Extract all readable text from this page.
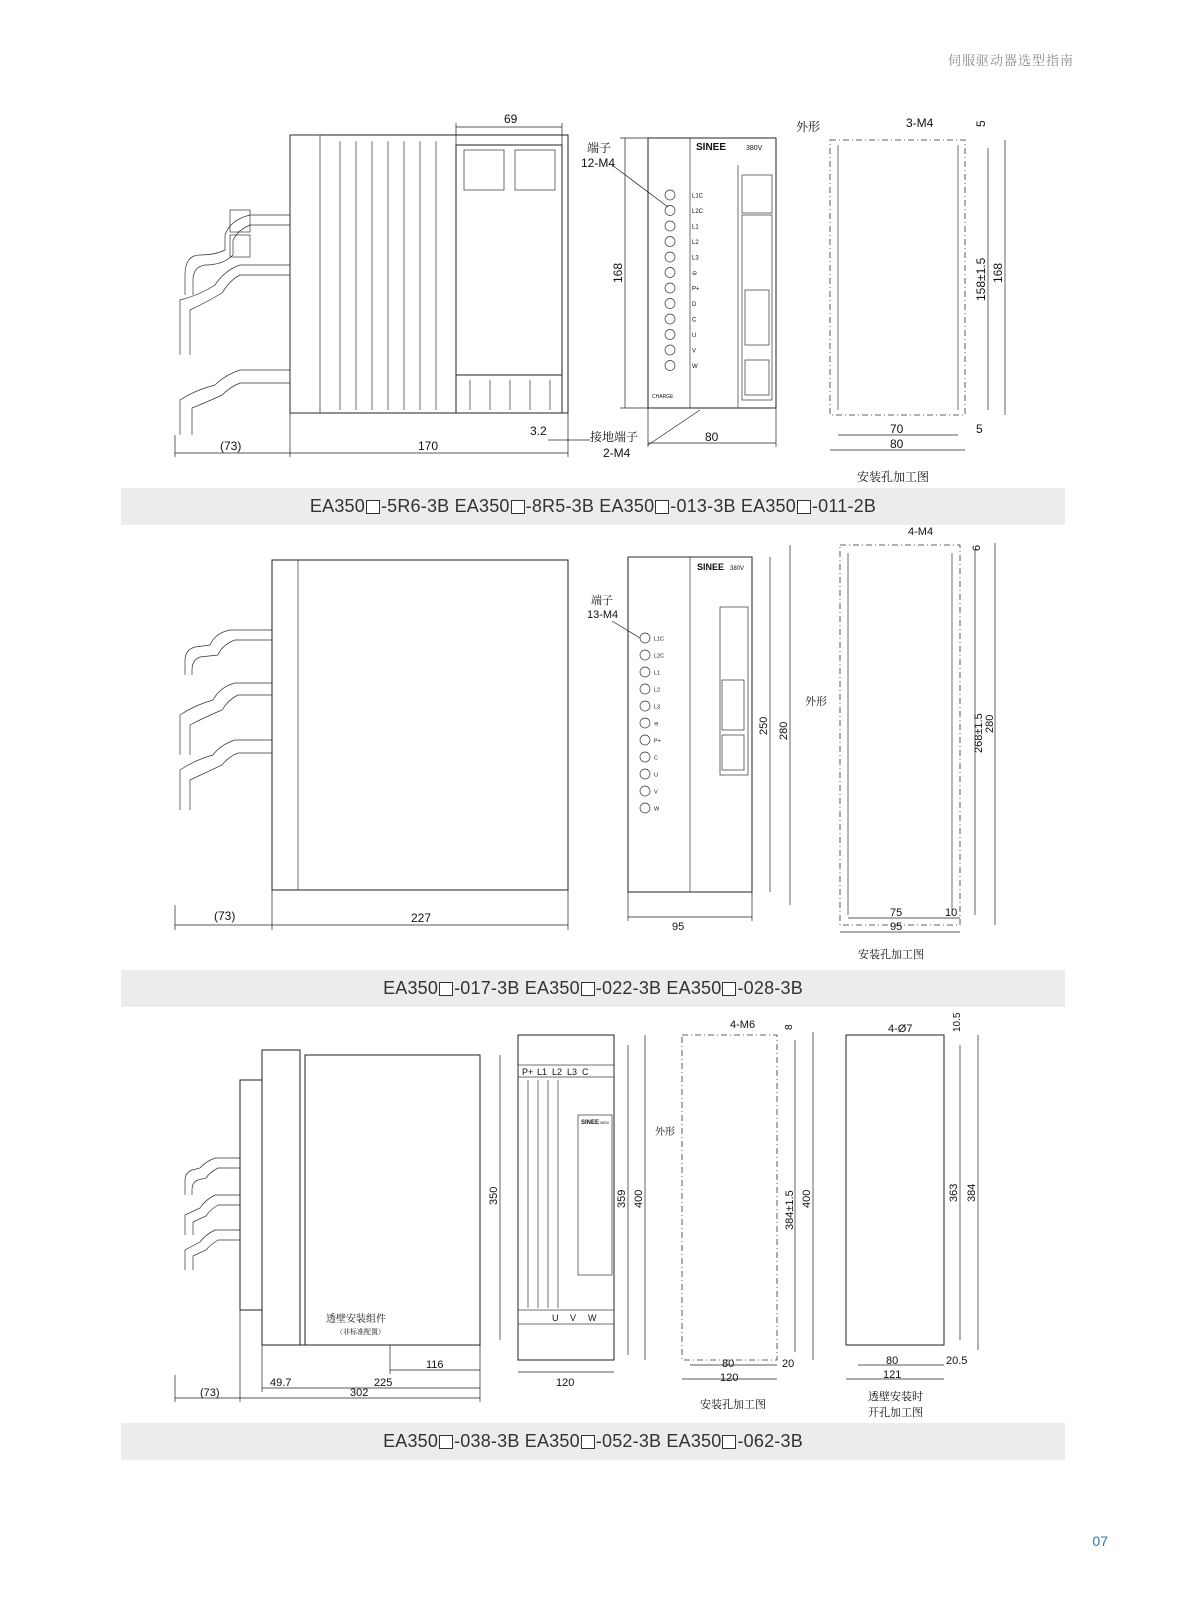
伺服驱动器选型指南
69
(73)	170
3.2
SINEE	380V
L1C
L2C
L1
L2
L3
⊖
P+
D
C
U
V
W
CHARGE
端子
12-M4
接地端子
2-M4
168
80
外形	3-M4	5
158±1.5 168
70	5
80
安装孔加工图
EA350 -5R6-3B EA350 -8R5-3B EA350 -013-3B EA350 -011-2B
(73)	227
SINEE 380V
L1C
L2C
L1
L2
L3
⊖
P+
C
U
V
W
端子
13-M4
250 280
95
外形
4-M4
6
268±1.5 280
75	10
95
安装孔加工图
EA350 -017-3B EA350 -022-3B EA350 -028-3B
透壁安装组件
（非标准配置）
116
49.7	225
(73)	302
350
P+ L1 L2 L3 C
U V W
SINEE 380V
359 400
120
外形
4-M6	8
384±1.5 400
80	20
120
安装孔加工图
4-Ø7	10.5
363 384
80	20.5
121
透壁安装时
开孔加工图
EA350 -038-3B EA350 -052-3B EA350 -062-3B
07
